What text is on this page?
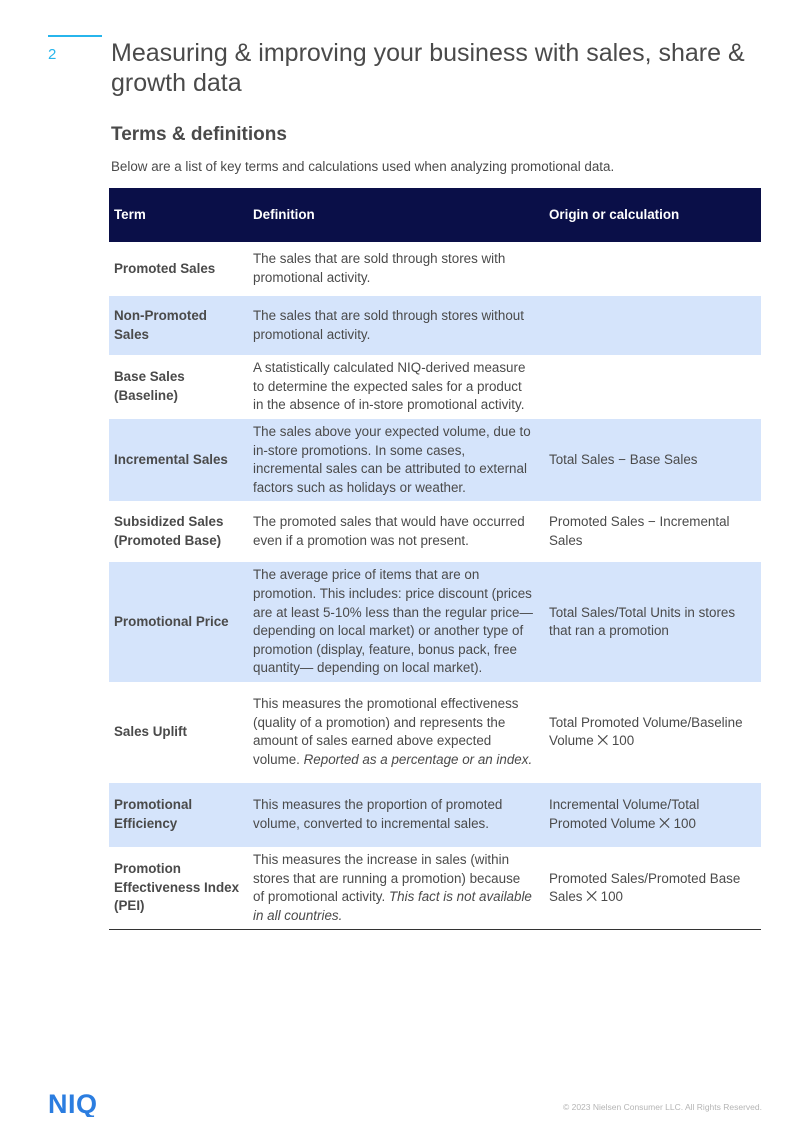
2 Measuring & improving your business with sales, share & growth data
Terms & definitions

Below are a list of key terms and calculations used when analyzing promotional data.

Term	Definition	Origin or calculation
Promoted Sales	The sales that are sold through stores with promotional activity.	
Non-Promoted Sales	The sales that are sold through stores without promotional activity.	
Base Sales (Baseline)	A statistically calculated NIQ-derived measure to determine the expected sales for a product in the absence of in-store promotional activity.	
Incremental Sales	The sales above your expected volume, due to in-store promotions. In some cases, incremental sales can be attributed to external factors such as holidays or weather.	Total Sales − Base Sales
Subsidized Sales (Promoted Base)	The promoted sales that would have occurred even if a promotion was not present.	Promoted Sales − Incremental Sales
Promotional Price	The average price of items that are on promotion. This includes: price discount (prices are at least 5-10% less than the regular price—depending on local market) or another type of promotion (display, feature, bonus pack, free quantity— depending on local market).	Total Sales/Total Units in stores that ran a promotion
Sales Uplift	This measures the promotional effectiveness (quality of a promotion) and represents the amount of sales earned above expected volume. Reported as a percentage or an index.	Total Promoted Volume/Baseline Volume ⨉ 100
Promotional Efficiency	This measures the proportion of promoted volume, converted to incremental sales.	Incremental Volume/Total Promoted Volume ⨉ 100
Promotion Effectiveness Index (PEI)	This measures the increase in sales (within stores that are running a promotion) because of promotional activity. This fact is not available in all countries.	Promoted Sales/Promoted Base Sales ⨉ 100
NIQ	© 2023 Nielsen Consumer LLC. All Rights Reserved.
